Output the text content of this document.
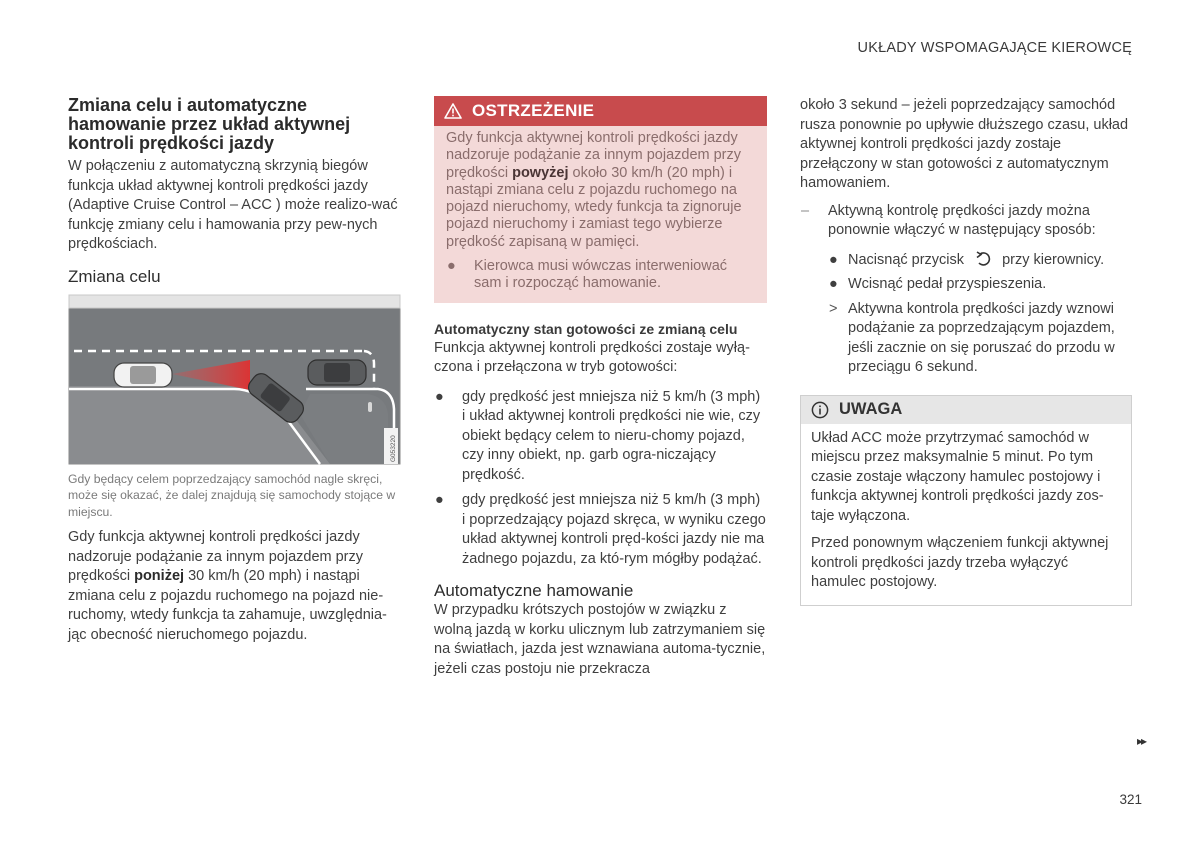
UKŁADY WSPOMAGAJĄCE KIEROWCĘ

Zmiana celu i automatyczne hamowanie przez układ aktywnej kontroli prędkości jazdy

W połączeniu z automatyczną skrzynią biegów funkcja układ aktywnej kontroli prędkości jazdy (Adaptive Cruise Control – ACC ) może realizo-wać funkcję zmiany celu i hamowania przy pew-nych prędkościach.

Zmiana celu

G053220

Gdy będący celem poprzedzający samochód nagle skręci, może się okazać, że dalej znajdują się samochody stojące w miejscu.

Gdy funkcja aktywnej kontroli prędkości jazdy nadzoruje podążanie za innym pojazdem przy prędkości poniżej 30 km/h (20 mph) i nastąpi zmiana celu z pojazdu ruchomego na pojazd nie-ruchomy, wtedy funkcja ta zahamuje, uwzględnia-jąc obecność nieruchomego pojazdu.

OSTRZEŻENIE

Gdy funkcja aktywnej kontroli prędkości jazdy nadzoruje podążanie za innym pojazdem przy prędkości powyżej około 30 km/h (20 mph) i nastąpi zmiana celu z pojazdu ruchomego na pojazd nieruchomy, wtedy funkcja ta zignoruje pojazd nieruchomy i zamiast tego wybierze prędkość zapisaną w pamięci.

● Kierowca musi wówczas interweniować sam i rozpocząć hamowanie.

Automatyczny stan gotowości ze zmianą celu

Funkcja aktywnej kontroli prędkości zostaje wyłą-czona i przełączona w tryb gotowości:

● gdy prędkość jest mniejsza niż 5 km/h (3 mph) i układ aktywnej kontroli prędkości nie wie, czy obiekt będący celem to nieru-chomy pojazd, czy inny obiekt, np. garb ogra-niczający prędkość.
● gdy prędkość jest mniejsza niż 5 km/h (3 mph) i poprzedzający pojazd skręca, w wyniku czego układ aktywnej kontroli pręd-kości jazdy nie ma żadnego pojazdu, za któ-rym mógłby podążać.

Automatyczne hamowanie

W przypadku krótszych postojów w związku z wolną jazdą w korku ulicznym lub zatrzymaniem się na światłach, jazda jest wznawiana automa-tycznie, jeżeli czas postoju nie przekracza

około 3 sekund – jeżeli poprzedzający samochód rusza ponownie po upływie dłuższego czasu, układ aktywnej kontroli prędkości jazdy zostaje przełączony w stan gotowości z automatycznym hamowaniem.

– Aktywną kontrolę prędkości jazdy można ponownie włączyć w następujący sposób:
● Nacisnąć przycisk	przy kierownicy.
● Wcisnąć pedał przyspieszenia.
> Aktywna kontrola prędkości jazdy wznowi podążanie za poprzedzającym pojazdem, jeśli zacznie on się poruszać do przodu w przeciągu 6 sekund.
UWAGA

Układ ACC może przytrzymać samochód w miejscu przez maksymalnie 5 minut. Po tym czasie zostaje włączony hamulec postojowy i funkcja aktywnej kontroli prędkości jazdy zos-taje wyłączona.

Przed ponownym włączeniem funkcji aktywnej kontroli prędkości jazdy trzeba wyłączyć hamulec postojowy.

▸▸
321
